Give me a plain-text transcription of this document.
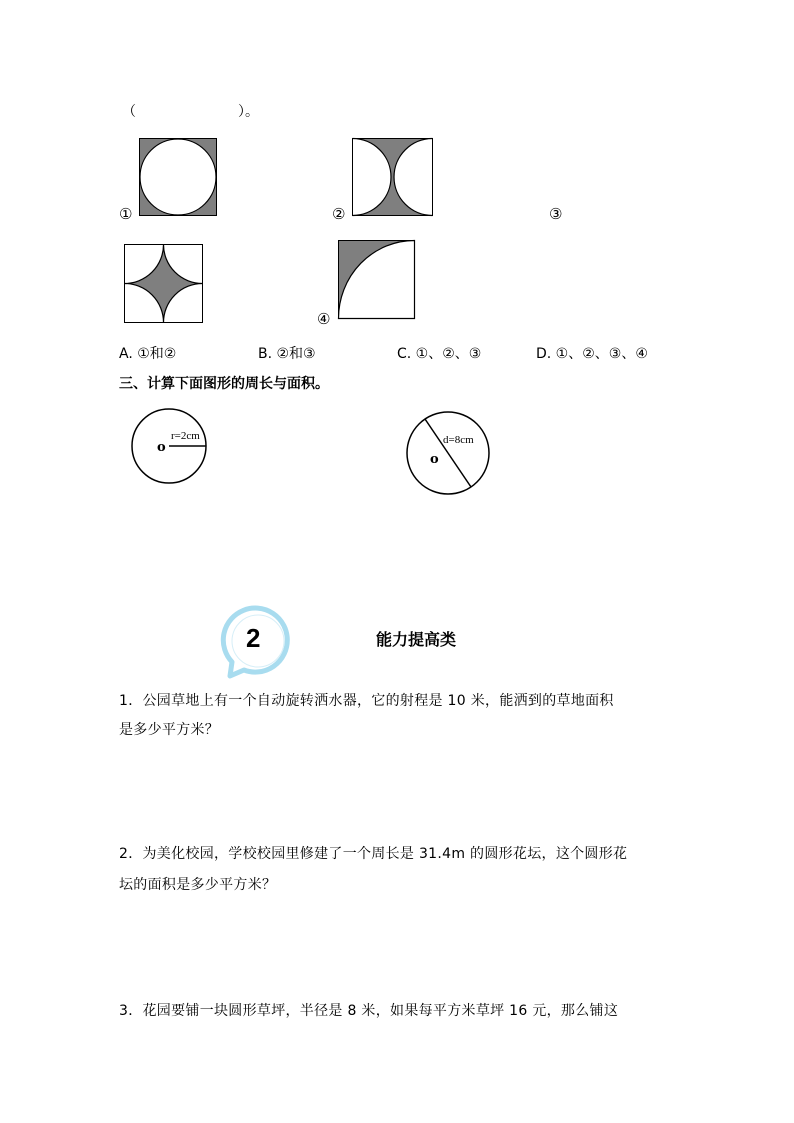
（	）。
①	②	③
④
A. ①和②	B. ②和③	C. ①、②、③	D. ①、②、③、④
三、计算下面图形的周长与面积。
o
r=2cm
o
d=8cm
2	能力提高类
1．公园草地上有一个自动旋转洒水器，它的射程是 10 米，能洒到的草地面积
是多少平方米？
2．为美化校园，学校校园里修建了一个周长是 31.4m 的圆形花坛，这个圆形花
坛的面积是多少平方米？
3．花园要铺一块圆形草坪，半径是 8 米，如果每平方米草坪 16 元，那么铺这
